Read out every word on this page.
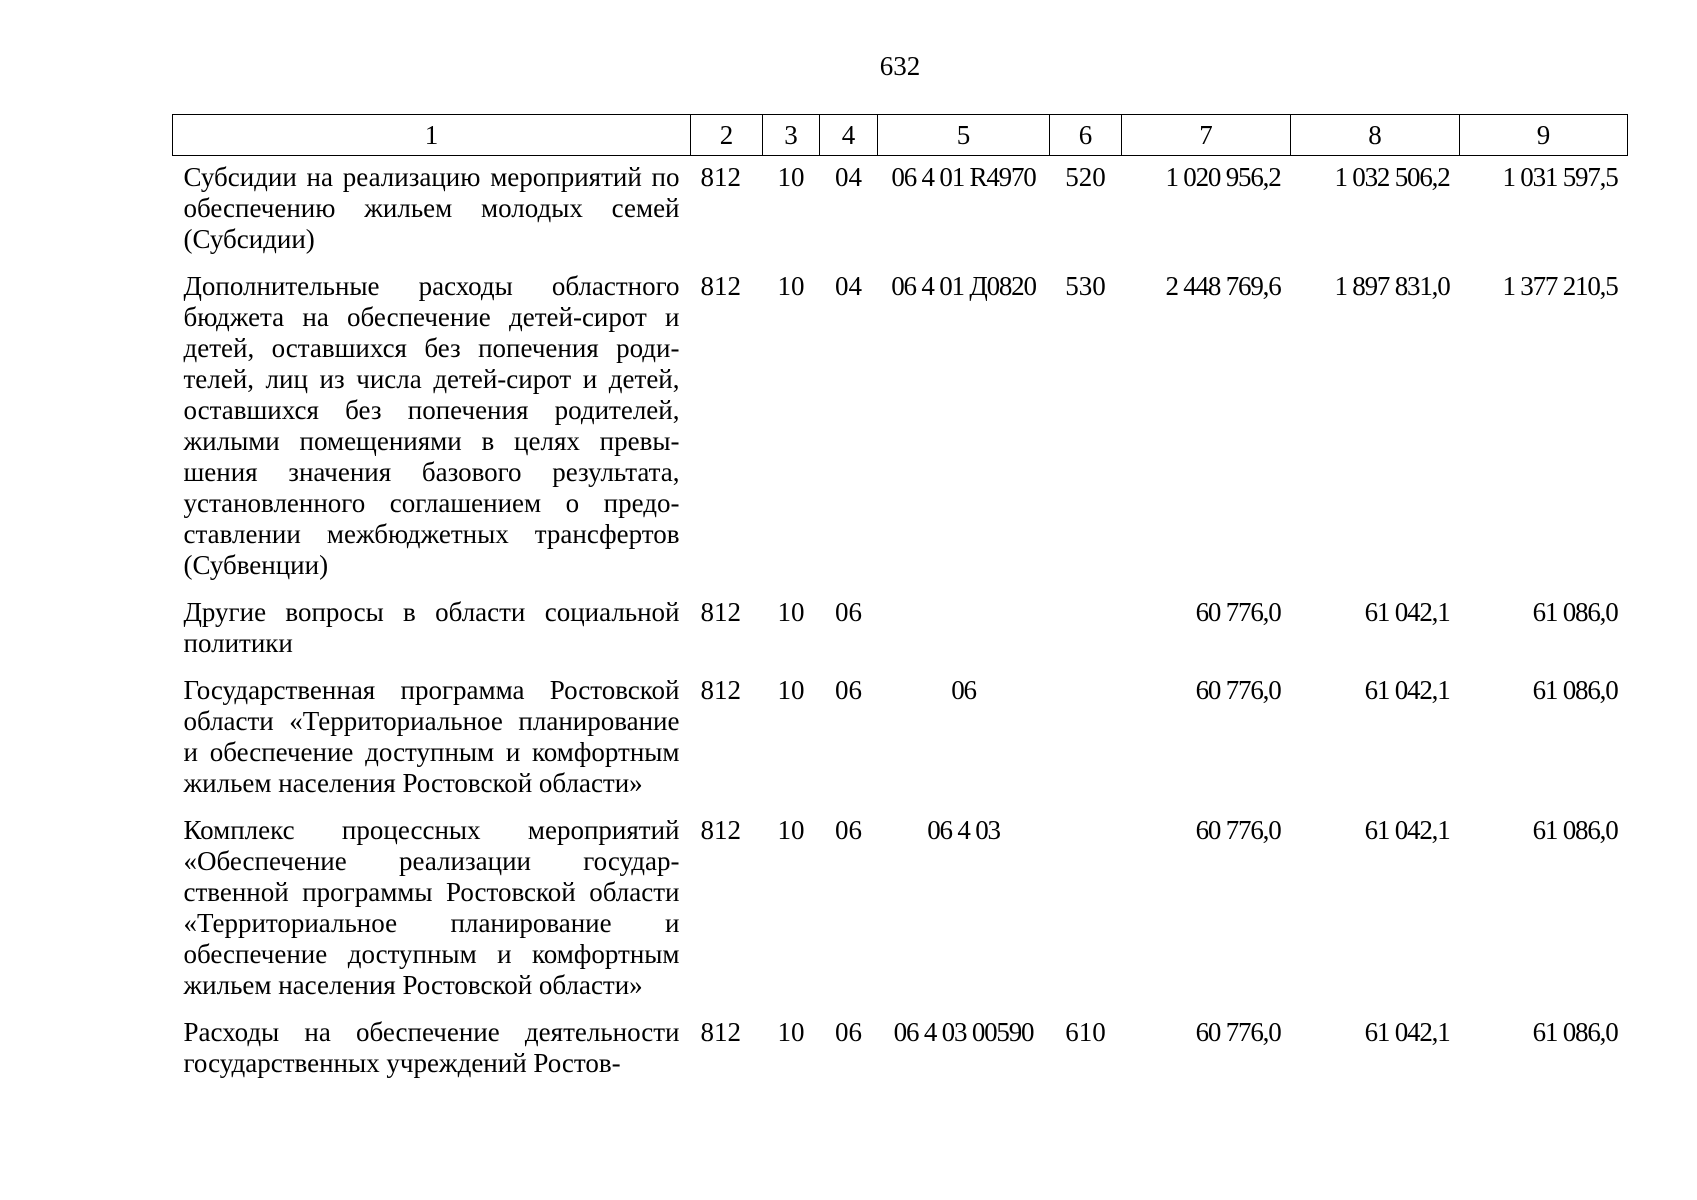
632
1	2	3	4	5	6	7	8	9
Субсидии на реализацию мероприятий по обеспечению жильем молодых семей (Субсидии)	812	10	04	06 4 01 R4970	520	1 020 956,2	1 032 506,2	1 031 597,5
Дополнительные расходы областного бюджета на обеспечение детей-сирот и детей, оставшихся без попечения родителей, лиц из числа детей-сирот и детей, оставшихся без попечения родителей, жилыми помещениями в целях превышения значения базового результата, установленного соглашением о предоставлении межбюджетных трансфертов (Субвенции)	812	10	04	06 4 01 Д0820	530	2 448 769,6	1 897 831,0	1 377 210,5
Другие вопросы в области социальной политики	812	10	06			60 776,0	61 042,1	61 086,0
Государственная программа Ростовской области «Территориальное планирование и обеспечение доступным и комфортным жильем населения Ростовской области»	812	10	06	06		60 776,0	61 042,1	61 086,0
Комплекс процессных мероприятий «Обеспечение реализации государственной программы Ростовской области «Территориальное планирование и обеспечение доступным и комфортным жильем населения Ростовской области»	812	10	06	06 4 03		60 776,0	61 042,1	61 086,0
Расходы на обеспечение деятельности государственных учреждений Ростов-	812	10	06	06 4 03 00590	610	60 776,0	61 042,1	61 086,0
